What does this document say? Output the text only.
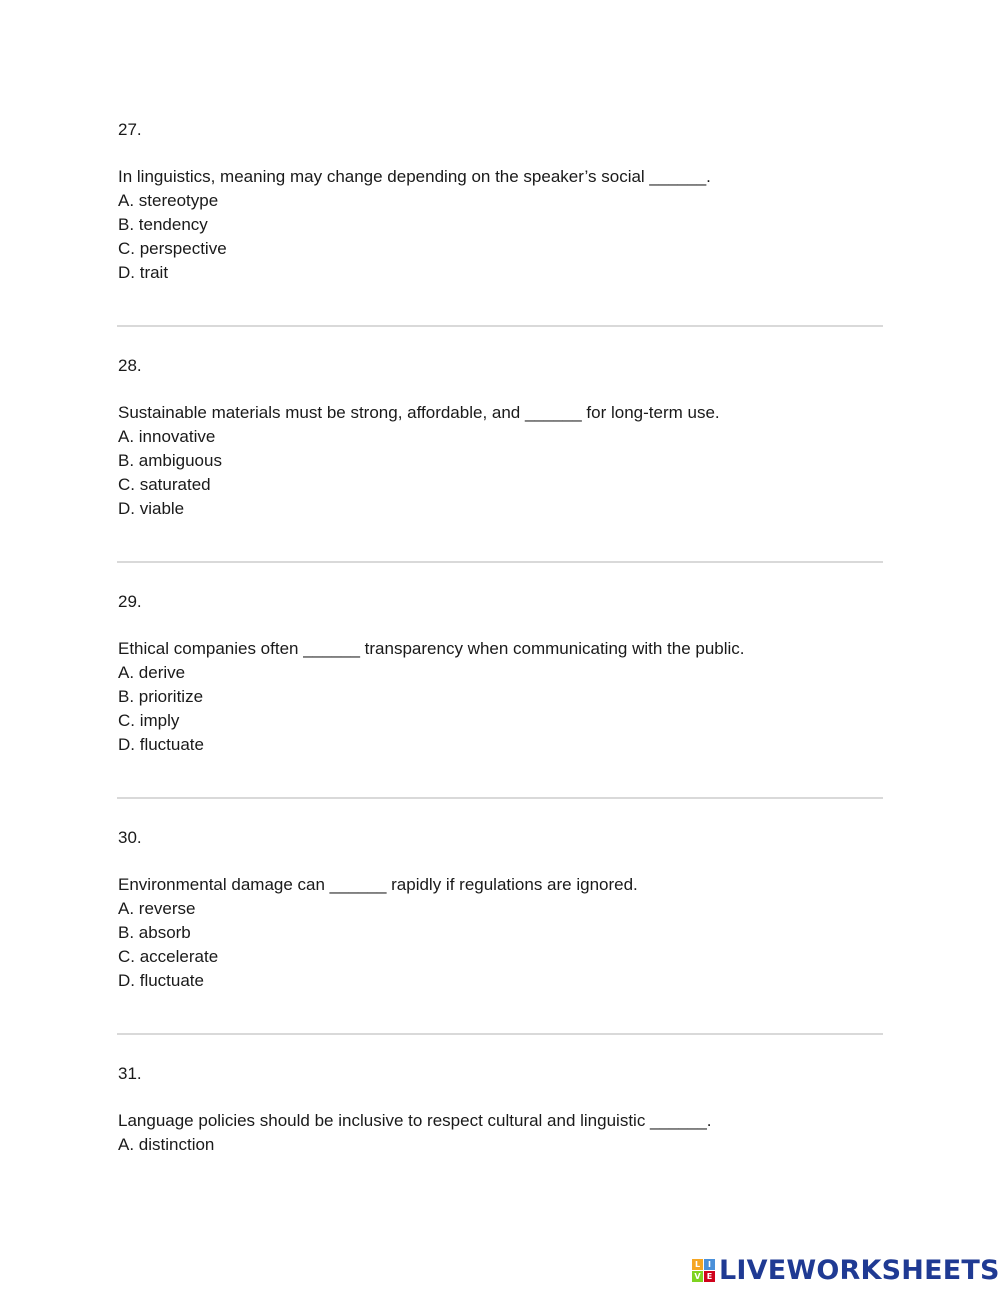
27.
In linguistics, meaning may change depending on the speaker’s social ______.
A. stereotype
B. tendency
C. perspective
D. trait
28.
Sustainable materials must be strong, affordable, and ______ for long-term use.
A. innovative
B. ambiguous
C. saturated
D. viable
29.
Ethical companies often ______ transparency when communicating with the public.
A. derive
B. prioritize
C. imply
D. fluctuate
30.
Environmental damage can ______ rapidly if regulations are ignored.
A. reverse
B. absorb
C. accelerate
D. fluctuate
31.
Language policies should be inclusive to respect cultural and linguistic ______.
A. distinction
L I
V E LIVEWORKSHEETS
